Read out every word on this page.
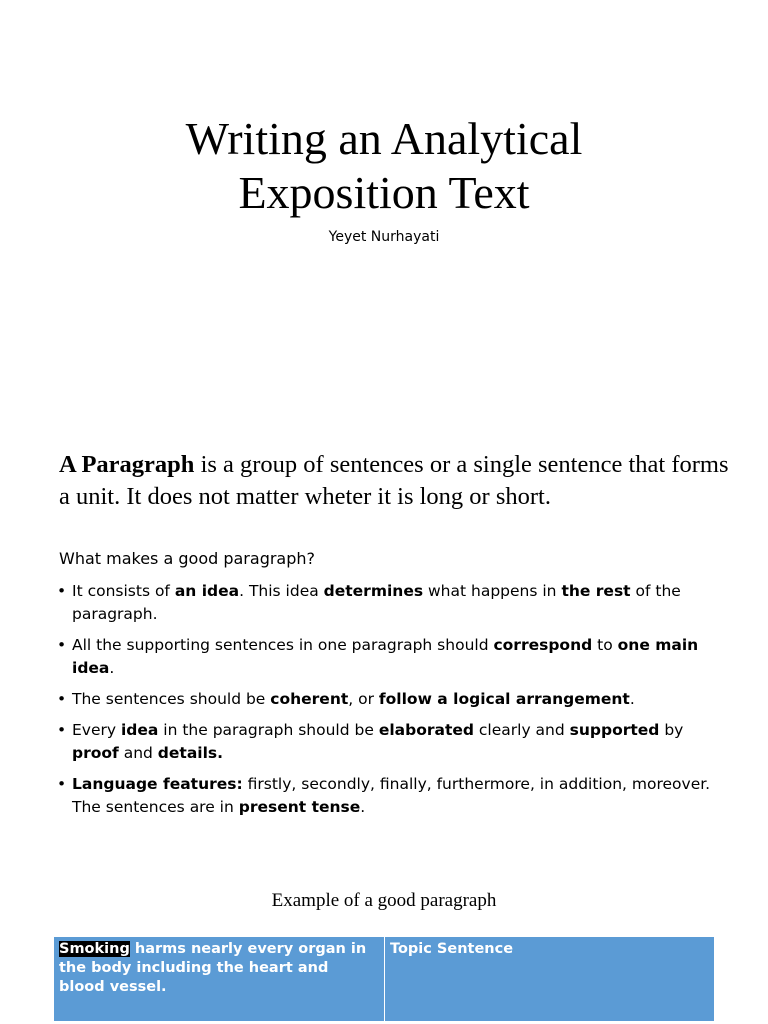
Writing an Analytical
Exposition Text
Yeyet Nurhayati
A Paragraph is a group of sentences or a single sentence that forms a unit. It does not matter wheter it is long or short.
What makes a good paragraph?
• It consists of an idea. This idea determines what happens in the rest of the paragraph.
• All the supporting sentences in one paragraph should correspond to one main idea.
• The sentences should be coherent, or follow a logical arrangement.
• Every idea in the paragraph should be elaborated clearly and supported by proof and details.
• Language features: firstly, secondly, finally, furthermore, in addition, moreover. The sentences are in present tense.
Example of a good paragraph
Smoking harms nearly every organ in the body including the heart and blood vessel.
Topic Sentence
